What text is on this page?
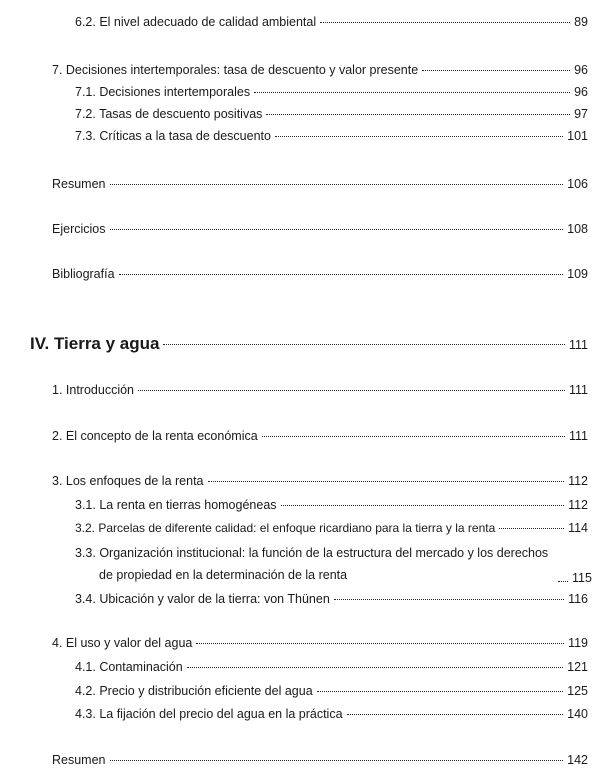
6.2. El nivel adecuado de calidad ambiental	89
7. Decisiones intertemporales: tasa de descuento y valor presente	96
7.1. Decisiones intertemporales	96
7.2. Tasas de descuento positivas	97
7.3. Críticas a la tasa de descuento	101
Resumen	106
Ejercicios	108
Bibliografía	109
IV. Tierra y agua	111
1. Introducción	111
2. El concepto de la renta económica	111
3. Los enfoques de la renta	112
3.1. La renta en tierras homogéneas	112
3.2. Parcelas de diferente calidad: el enfoque ricardiano para la tierra y la renta	114
3.3. Organización institucional: la función de la estructura del mercado y los derechos de propiedad en la determinación de la renta	115
3.4. Ubicación y valor de la tierra: von Thünen	116
4. El uso y valor del agua	119
4.1. Contaminación	121
4.2. Precio y distribución eficiente del agua	125
4.3. La fijación del precio del agua en la práctica	140
Resumen	142
